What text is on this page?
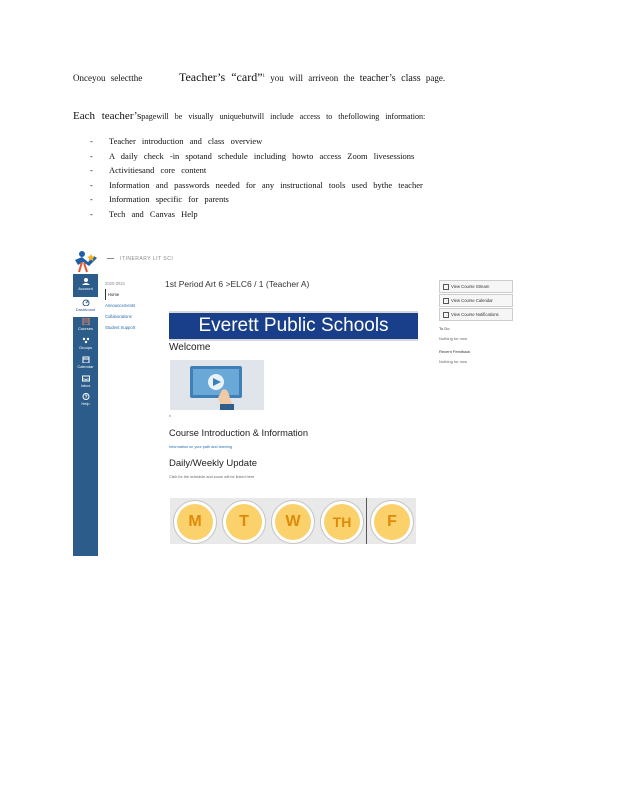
Onceyou selectthe	Teacher’s “card”$^1$ you will arriveon the teacher’s class page.
Each teacher’spagewill be visually uniquebutwill include access to thefollowing information:
- Teacher introduction and class overview
- A daily check -in spotand schedule including howto access Zoom livesessions
- Activitiesand core content
- Information and passwords needed for any instructional tools used bythe teacher
- Information specific for parents
- Tech and Canvas Help
ITINERARY LIT SCI
Account
Dashboard
Courses
Groups
Calendar
Inbox
Help
2020-2021
Home
Announcements
Collaborations
Student Support
1st Period Art 6 >ELC6 / 1 (Teacher A)
Everett Public Schools
Welcome
v
Course Introduction & Information
Information on your path and learning
Daily/Weekly Update
Click for the schedule and zoom will be linked here
M	T	W	TH	F
View Course Stream
View Course Calendar
View Course Notifications
To Do
Nothing for now
Recent Feedback
Nothing for now
